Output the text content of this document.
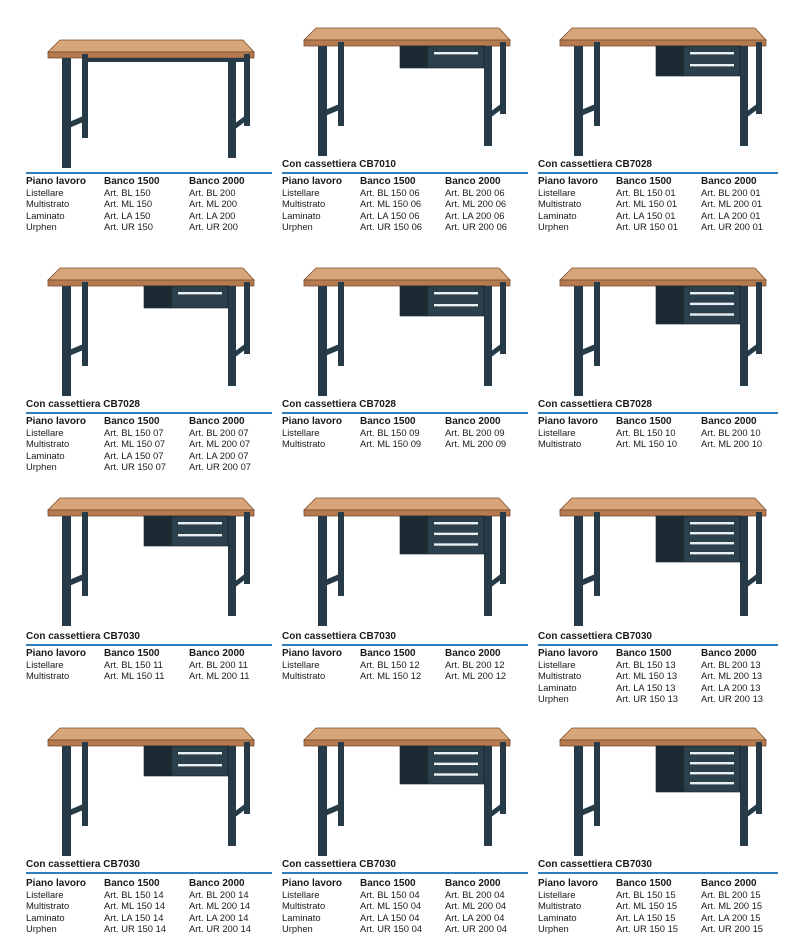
Piano lavoro	Banco 1500	Banco 2000
Listellare	Art. BL 150	Art. BL 200
Multistrato	Art. ML 150	Art. ML 200
Laminato	Art. LA 150	Art. LA 200
Urphen	Art. UR 150	Art. UR 200
Con cassettiera CB7010
Piano lavoro	Banco 1500	Banco 2000
Listellare	Art. BL 150 06	Art. BL 200 06
Multistrato	Art. ML 150 06	Art. ML 200 06
Laminato	Art. LA 150 06	Art. LA 200 06
Urphen	Art. UR 150 06	Art. UR 200 06
Con cassettiera CB7028
Piano lavoro	Banco 1500	Banco 2000
Listellare	Art. BL 150 01	Art. BL 200 01
Multistrato	Art. ML 150 01	Art. ML 200 01
Laminato	Art. LA 150 01	Art. LA 200 01
Urphen	Art. UR 150 01	Art. UR 200 01
Con cassettiera CB7028
Piano lavoro	Banco 1500	Banco 2000
Listellare	Art. BL 150 07	Art. BL 200 07
Multistrato	Art. ML 150 07	Art. ML 200 07
Laminato	Art. LA 150 07	Art. LA 200 07
Urphen	Art. UR 150 07	Art. UR 200 07
Con cassettiera CB7028
Piano lavoro	Banco 1500	Banco 2000
Listellare	Art. BL 150 09	Art. BL 200 09
Multistrato	Art. ML 150 09	Art. ML 200 09
Con cassettiera CB7028
Piano lavoro	Banco 1500	Banco 2000
Listellare	Art. BL 150 10	Art. BL 200 10
Multistrato	Art. ML 150 10	Art. ML 200 10
Con cassettiera CB7030
Piano lavoro	Banco 1500	Banco 2000
Listellare	Art. BL 150 11	Art. BL 200 11
Multistrato	Art. ML 150 11	Art. ML 200 11
Con cassettiera CB7030
Piano lavoro	Banco 1500	Banco 2000
Listellare	Art. BL 150 12	Art. BL 200 12
Multistrato	Art. ML 150 12	Art. ML 200 12
Con cassettiera CB7030
Piano lavoro	Banco 1500	Banco 2000
Listellare	Art. BL 150 13	Art. BL 200 13
Multistrato	Art. ML 150 13	Art. ML 200 13
Laminato	Art. LA 150 13	Art. LA 200 13
Urphen	Art. UR 150 13	Art. UR 200 13
Con cassettiera CB7030
Piano lavoro	Banco 1500	Banco 2000
Listellare	Art. BL 150 14	Art. BL 200 14
Multistrato	Art. ML 150 14	Art. ML 200 14
Laminato	Art. LA 150 14	Art. LA 200 14
Urphen	Art. UR 150 14	Art. UR 200 14
Con cassettiera CB7030
Piano lavoro	Banco 1500	Banco 2000
Listellare	Art. BL 150 04	Art. BL 200 04
Multistrato	Art. ML 150 04	Art. ML 200 04
Laminato	Art. LA 150 04	Art. LA 200 04
Urphen	Art. UR 150 04	Art. UR 200 04
Con cassettiera CB7030
Piano lavoro	Banco 1500	Banco 2000
Listellare	Art. BL 150 15	Art. BL 200 15
Multistrato	Art. ML 150 15	Art. ML 200 15
Laminato	Art. LA 150 15	Art. LA 200 15
Urphen	Art. UR 150 15	Art. UR 200 15
